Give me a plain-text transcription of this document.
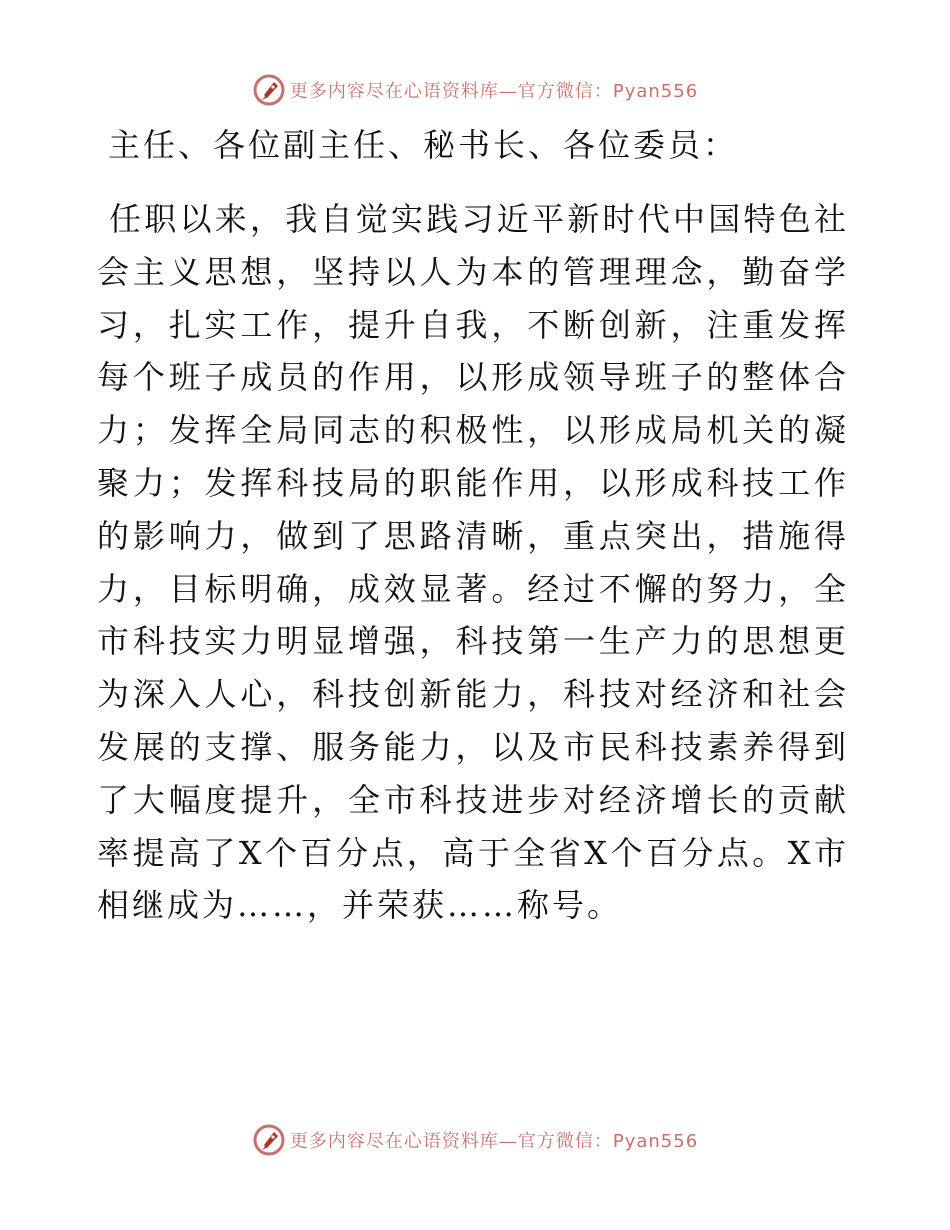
更多内容尽在心语资料库—官方微信：Pyan556

主任、各位副主任、秘书长、各位委员：

任职以来，我自觉实践习近平新时代中国特色社会主义思想，坚持以人为本的管理理念，勤奋学习，扎实工作，提升自我，不断创新，注重发挥每个班子成员的作用，以形成领导班子的整体合力；发挥全局同志的积极性，以形成局机关的凝聚力；发挥科技局的职能作用，以形成科技工作的影响力，做到了思路清晰，重点突出，措施得力，目标明确，成效显著。经过不懈的努力，全市科技实力明显增强，科技第一生产力的思想更为深入人心，科技创新能力，科技对经济和社会发展的支撑、服务能力，以及市民科技素养得到了大幅度提升，全市科技进步对经济增长的贡献率提高了X个百分点，高于全省X个百分点。X市相继成为……，并荣获……称号。

更多内容尽在心语资料库—官方微信：Pyan556
